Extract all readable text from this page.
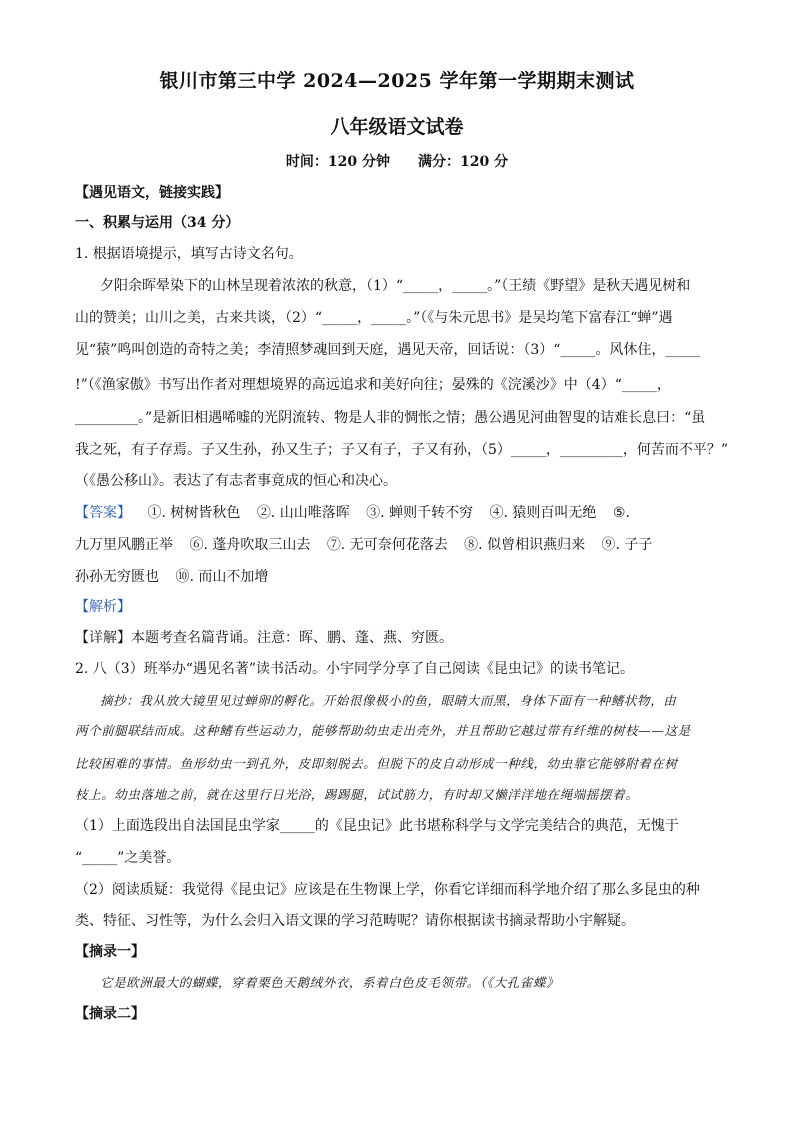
银川市第三中学 2024—2025 学年第一学期期末测试
八年级语文试卷
时间：120 分钟　　满分：120 分
【遇见语文，链接实践】
一、积累与运用（34 分）
1. 根据语境提示，填写古诗文名句。
夕阳余晖晕染下的山林呈现着浓浓的秋意，（1）“_____，_____。”（王绩《野望》是秋天遇见树和
山的赞美；山川之美，古来共谈，（2）“_____，_____。”（《与朱元思书》是吴均笔下富春江“蝉”遇
见“猿”鸣叫创造的奇特之美；李清照梦魂回到天庭，遇见天帝，回话说：（3）“_____。风休住，_____
!”（《渔家傲》书写出作者对理想境界的高远追求和美好向往；晏殊的《浣溪沙》中（4）“_____，
_________。”是新旧相遇唏嘘的光阴流转、物是人非的惆怅之情；愚公遇见河曲智叟的诘难长息曰：“虽
我之死，有子存焉。子又生孙，孙又生子；子又有子，子又有孙，（5）_____，_________，何苦而不平？”
（《愚公移山》。表达了有志者事竟成的恒心和决心。
【答案】 ①. 树树皆秋色 ②. 山山唯落晖 ③. 蝉则千转不穷 ④. 猿则百叫无绝 ⑤.
九万里风鹏正举 ⑥. 蓬舟吹取三山去 ⑦. 无可奈何花落去 ⑧. 似曾相识燕归来 ⑨. 子子
孙孙无穷匮也 ⑩. 而山不加增
【解析】
【详解】本题考查名篇背诵。注意：晖、鹏、蓬、燕、穷匮。
2. 八（3）班举办“遇见名著”读书活动。小宇同学分享了自己阅读《昆虫记》的读书笔记。
摘抄：我从放大镜里见过蝉卵的孵化。开始很像极小的鱼，眼睛大而黑，身体下面有一种鳍状物，由
两个前腿联结而成。这种鳍有些运动力，能够帮助幼虫走出壳外，并且帮助它越过带有纤维的树枝——这是
比较困难的事情。鱼形幼虫一到孔外，皮即刻脱去。但脱下的皮自动形成一种线，幼虫靠它能够附着在树
枝上。幼虫落地之前，就在这里行日光浴，踢踢腿，试试筋力，有时却又懒洋洋地在绳端摇摆着。
（1）上面选段出自法国昆虫学家_____的《昆虫记》此书堪称科学与文学完美结合的典范，无愧于
“_____”之美誉。
（2）阅读质疑：我觉得《昆虫记》应该是在生物课上学，你看它详细而科学地介绍了那么多昆虫的种
类、特征、习性等，为什么会归入语文课的学习范畴呢？请你根据读书摘录帮助小宇解疑。
【摘录一】
它是欧洲最大的蝴蝶，穿着栗色天鹅绒外衣，系着白色皮毛领带。（《大孔雀蝶》
【摘录二】
